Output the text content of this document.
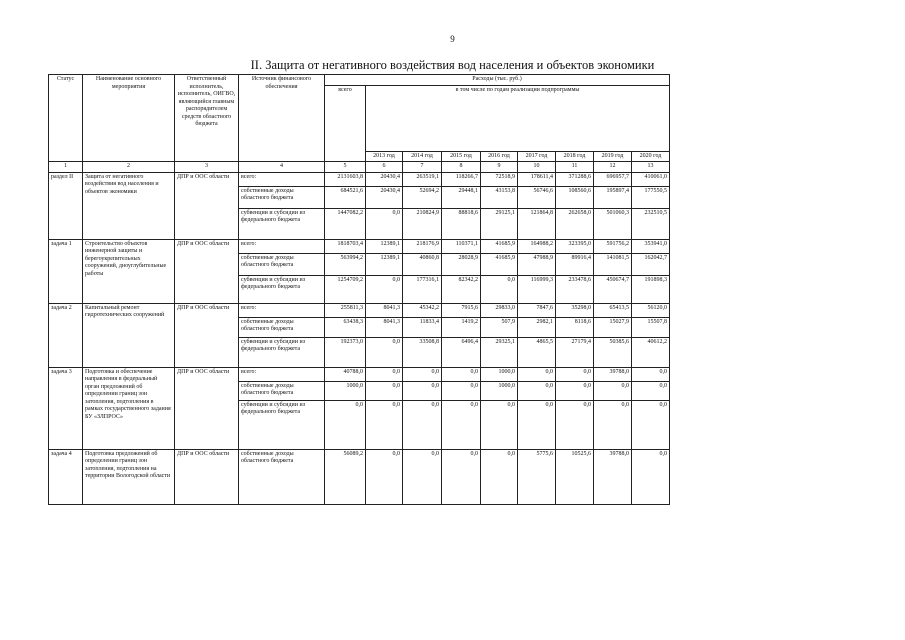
9
II. Защита от негативного воздействия вод населения и объектов экономики
Статус	Наименование основного мероприятия	Ответственный исполнитель, исполнитель, ОИГВО, являющийся главным распорядителем средств областного бюджета	Источник финансового обеспечения	Расходы (тыс. руб.)								
				всего	в том числе по годам реализации подпрограммы							
					2013 год	2014 год	2015 год	2016 год	2017 год	2018 год	2019 год	2020 год
1	2	3	4	5	6	7	8	9	10	11	12	13
раздел II	Защита от негативного воздействия вод населения и объектов экономики	ДПР и ООС области	всего:	2131603,8	20430,4	263519,1	118266,7	72518,9	178611,4	371288,6	696957,7	410061,0
			собственные доходы областного бюджета	684521,6	20430,4	52694,2	29448,1	43153,8	56746,6	108560,6	195897,4	177550,5
			субвенции и субсидии из федерального бюджета	1447082,2	0,0	210824,9	88818,6	29125,1	121864,8	262658,0	501060,3	232510,5
задача 1	Строительство объектов инженерной защиты и берегоукрепительных сооружений, дноуглубительные работы	ДПР и ООС области	всего:	1818703,4	12389,1	218176,9	110371,1	41685,9	164988,2	323395,0	591756,2	353941,0
			собственные доходы областного бюджета	563994,2	12389,1	40860,8	28028,9	41685,9	47988,9	89916,4	141081,5	162042,7
			субвенции и субсидии из федерального бюджета	1254709,2	0,0	177316,1	82342,2	0,0	116999,3	233478,6	450674,7	191898,3
задача 2	Капитальный ремонт гидротехнических сооружений	ДПР и ООС области	всего:	255811,3	8041,3	45342,2	7915,6	29833,0	7847,6	35298,0	65413,5	56120,0
			собственные доходы областного бюджета	63438,3	8041,3	11833,4	1419,2	507,9	2982,1	8118,6	15027,9	15507,8
			субвенции и субсидии из федерального бюджета	192373,0	0,0	33508,8	6496,4	29325,1	4865,5	27179,4	50385,6	40612,2
задача 3	Подготовка и обеспечение направления в федеральный орган предложений об определении границ зон затопления, подтопления в рамках государственного задания БУ «ЗЛПРОС»	ДПР и ООС области	всего:	40788,0	0,0	0,0	0,0	1000,0	0,0	0,0	39788,0	0,0
			собственные доходы областного бюджета	1000,0	0,0	0,0	0,0	1000,0	0,0	0,0	0,0	0,0
			субвенции и субсидии из федерального бюджета	0,0	0,0	0,0	0,0	0,0	0,0	0,0	0,0	0,0
задача 4	Подготовка предложений об определении границ зон затопления, подтопления на территории Вологодской области	ДПР и ООС области	собственные доходы областного бюджета	56089,2	0,0	0,0	0,0	0,0	5775,6	10525,6	39788,0	0,0
